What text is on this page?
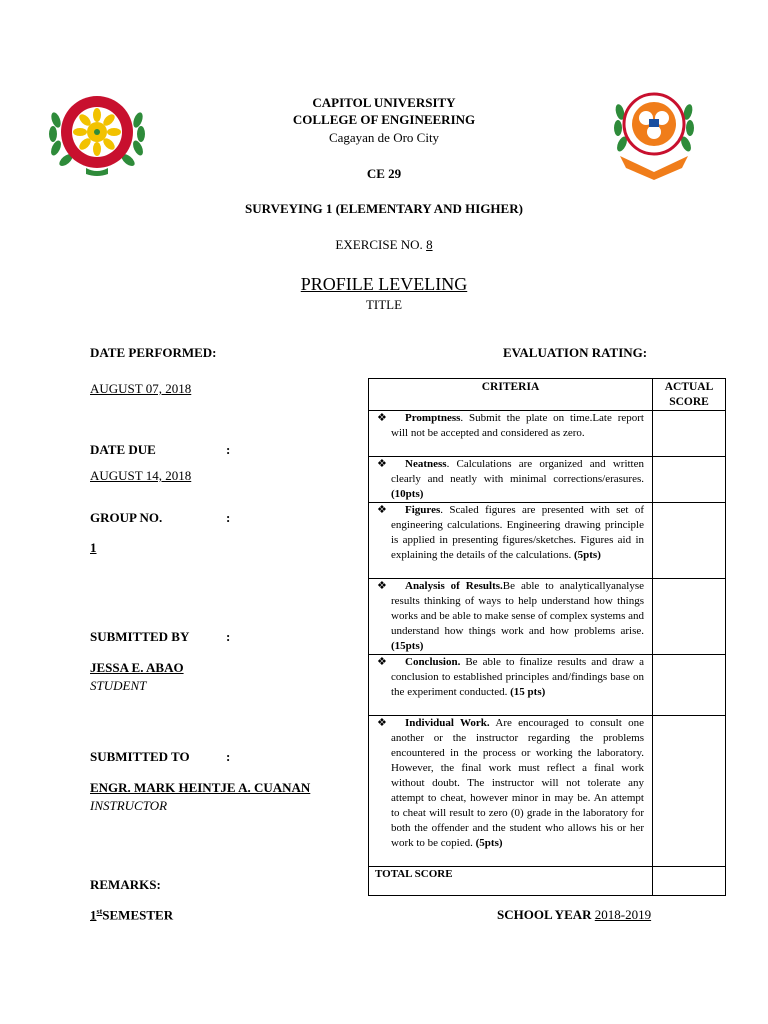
CAPITOL UNIVERSITY
COLLEGE OF ENGINEERING
Cagayan de Oro City
CE 29
SURVEYING 1 (ELEMENTARY AND HIGHER)
EXERCISE NO. 8
PROFILE LEVELING
TITLE
DATE PERFORMED:
AUGUST 07, 2018
DATE DUE	:
AUGUST 14, 2018
GROUP NO.	:
1
SUBMITTED BY	:
JESSA E. ABAO
STUDENT
SUBMITTED TO	:
ENGR. MARK HEINTJE A. CUANAN
INSTRUCTOR
REMARKS:
EVALUATION RATING:
CRITERIA	ACTUAL
SCORE
❖ Promptness. Submit the plate on time.Late report will not be accepted and considered as zero.	
❖ Neatness. Calculations are organized and written clearly and neatly with minimal corrections/erasures. (10pts)	
❖ Figures. Scaled figures are presented with set of engineering calculations. Engineering drawing principle is applied in presenting figures/sketches. Figures aid in explaining the details of the calculations. (5pts)	
❖ Analysis of Results.Be able to analyticallyanalyse results thinking of ways to help understand how things works and be able to make sense of complex systems and understand how things work and how problems arise.(15pts)	
❖ Conclusion. Be able to finalize results and draw a conclusion to established principles and/findings base on the experiment conducted. (15 pts)	
❖ Individual Work. Are encouraged to consult one another or the instructor regarding the problems encountered in the process or working the laboratory. However, the final work must reflect a final work without doubt. The instructor will not tolerate any attempt to cheat, however minor in may be. An attempt to cheat will result to zero (0) grade in the laboratory for both the offender and the student who allows his or her work to be copied. (5pts)	
TOTAL SCORE	
1stSEMESTER	SCHOOL YEAR 2018-2019
